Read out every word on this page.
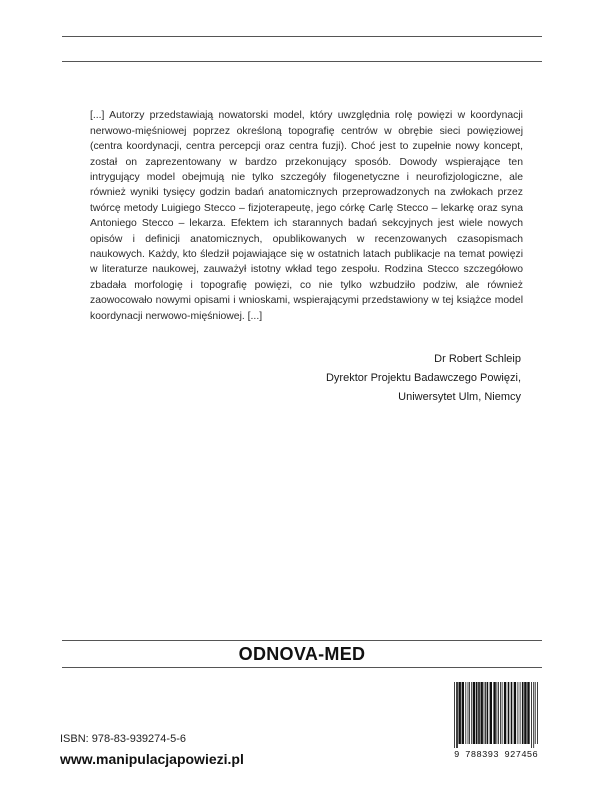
[...] Autorzy przedstawiają nowatorski model, który uwzględnia rolę powięzi w koordynacji nerwowo-mięśniowej poprzez określoną topografię centrów w obrębie sieci powięziowej (centra koordynacji, centra percepcji oraz centra fuzji). Choć jest to zupełnie nowy koncept, został on zaprezentowany w bardzo przekonujący sposób. Dowody wspierające ten intrygujący model obejmują nie tylko szczegóły filogenetyczne i neurofizjologiczne, ale również wyniki tysięcy godzin badań anatomicznych przeprowadzonych na zwłokach przez twórcę metody Luigiego Stecco – fizjoterapeutę, jego córkę Carlę Stecco – lekarkę oraz syna Antoniego Stecco – lekarza. Efektem ich starannych badań sekcyjnych jest wiele nowych opisów i definicji anatomicznych, opublikowanych w recenzowanych czasopismach naukowych. Każdy, kto śledził pojawiające się w ostatnich latach publikacje na temat powięzi w literaturze naukowej, zauważył istotny wkład tego zespołu. Rodzina Stecco szczegółowo zbadała morfologię i topografię powięzi, co nie tylko wzbudziło podziw, ale również zaowocowało nowymi opisami i wnioskami, wspierającymi przedstawiony w tej książce model koordynacji nerwowo-mięśniowej. [...]

Dr Robert Schleip
Dyrektor Projektu Badawczego Powięzi,
Uniwersytet Ulm, Niemcy
ODNOVA-MED
ISBN: 978-83-939274-5-6
www.manipulacjapowiezi.pl	9 788393 927456
